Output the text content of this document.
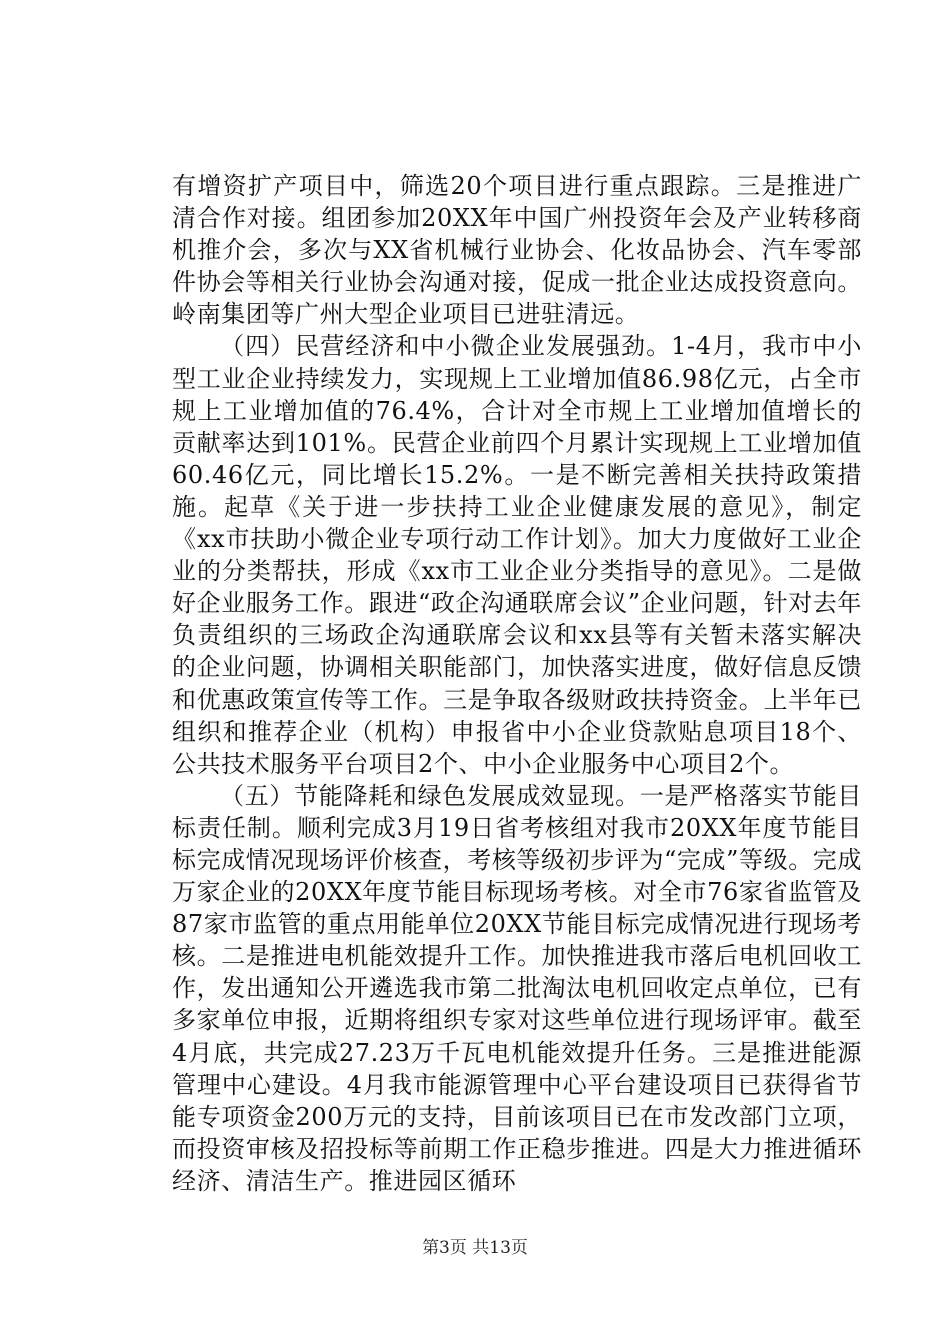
有增资扩产项目中，筛选20个项目进行重点跟踪。三是推进广清合作对接。组团参加20XX年中国广州投资年会及产业转移商机推介会，多次与XX省机械行业协会、化妆品协会、汽车零部件协会等相关行业协会沟通对接，促成一批企业达成投资意向。岭南集团等广州大型企业项目已进驻清远。

（四）民营经济和中小微企业发展强劲。1-4月，我市中小型工业企业持续发力，实现规上工业增加值86.98亿元，占全市规上工业增加值的76.4%，合计对全市规上工业增加值增长的贡献率达到101%。民营企业前四个月累计实现规上工业增加值60.46亿元，同比增长15.2%。一是不断完善相关扶持政策措施。起草《关于进一步扶持工业企业健康发展的意见》，制定《xx市扶助小微企业专项行动工作计划》。加大力度做好工业企业的分类帮扶，形成《xx市工业企业分类指导的意见》。二是做好企业服务工作。跟进“政企沟通联席会议”企业问题，针对去年负责组织的三场政企沟通联席会议和xx县等有关暂未落实解决的企业问题，协调相关职能部门，加快落实进度，做好信息反馈和优惠政策宣传等工作。三是争取各级财政扶持资金。上半年已组织和推荐企业（机构）申报省中小企业贷款贴息项目18个、公共技术服务平台项目2个、中小企业服务中心项目2个。

（五）节能降耗和绿色发展成效显现。一是严格落实节能目标责任制。顺利完成3月19日省考核组对我市20XX年度节能目标完成情况现场评价核查，考核等级初步评为“完成”等级。完成万家企业的20XX年度节能目标现场考核。对全市76家省监管及87家市监管的重点用能单位20XX节能目标完成情况进行现场考核。二是推进电机能效提升工作。加快推进我市落后电机回收工作，发出通知公开遴选我市第二批淘汰电机回收定点单位，已有多家单位申报，近期将组织专家对这些单位进行现场评审。截至4月底，共完成27.23万千瓦电机能效提升任务。三是推进能源管理中心建设。4月我市能源管理中心平台建设项目已获得省节能专项资金200万元的支持，目前该项目已在市发改部门立项，而投资审核及招投标等前期工作正稳步推进。四是大力推进循环经济、清洁生产。推进园区循环

第3页 共13页
